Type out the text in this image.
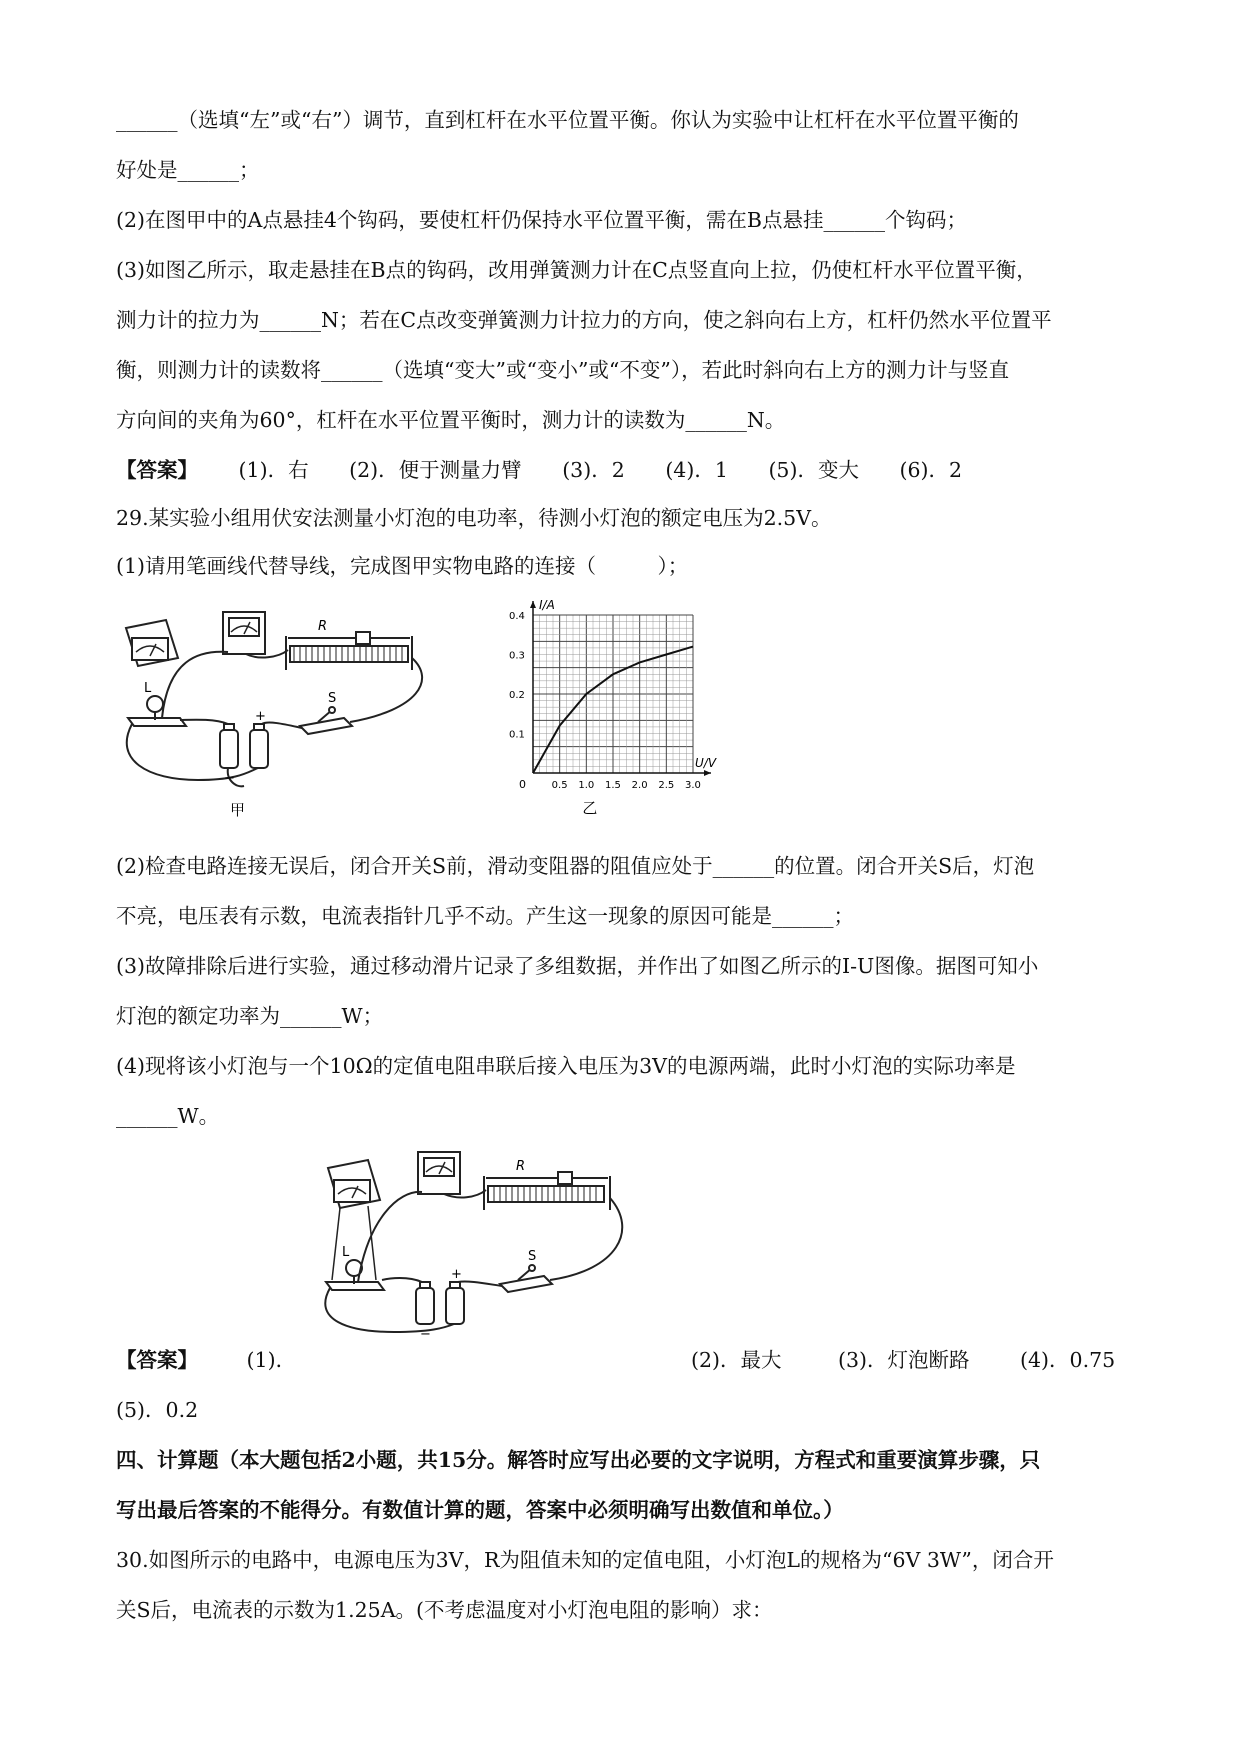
______（选填“左”或“右”）调节，直到杠杆在水平位置平衡。你认为实验中让杠杆在水平位置平衡的
好处是______；
(2)在图甲中的A点悬挂4个钩码，要使杠杆仍保持水平位置平衡，需在B点悬挂______个钩码；
(3)如图乙所示，取走悬挂在B点的钩码，改用弹簧测力计在C点竖直向上拉，仍使杠杆水平位置平衡，
测力计的拉力为______N；若在C点改变弹簧测力计拉力的方向，使之斜向右上方，杠杆仍然水平位置平
衡，则测力计的读数将______（选填“变大”或“变小”或“不变”），若此时斜向右上方的测力计与竖直
方向间的夹角为60°，杠杆在水平位置平衡时，测力计的读数为______N。
【答案】 (1)．右 (2)．便于测量力臂 (3)．2 (4)．1 (5)．变大 (6)．2
29.某实验小组用伏安法测量小灯泡的电功率，待测小灯泡的额定电压为2.5V。
(1)请用笔画线代替导线，完成图甲实物电路的连接（　　　）；
R
L
S
+
−
甲
0.1
0.2
0.3
0.4
0.5 1.0 1.5 2.0 2.5 3.0
0
I/A
U/V
乙
(2)检查电路连接无误后，闭合开关S前，滑动变阻器的阻值应处于______的位置。闭合开关S后，灯泡
不亮，电压表有示数，电流表指针几乎不动。产生这一现象的原因可能是______；
(3)故障排除后进行实验，通过移动滑片记录了多组数据，并作出了如图乙所示的I-U图像。据图可知小
灯泡的额定功率为______W；
(4)现将该小灯泡与一个10Ω的定值电阻串联后接入电压为3V的电源两端，此时小灯泡的实际功率是
______W。
R
L	S
+
−
【答案】 (1)．	(2)．最大	(3)．灯泡断路 (4)．0.75
(5)．0.2
四、计算题（本大题包括2小题，共15分。解答时应写出必要的文字说明，方程式和重要演算步骤，只
写出最后答案的不能得分。有数值计算的题，答案中必须明确写出数值和单位。）
30.如图所示的电路中，电源电压为3V，R为阻值未知的定值电阻，小灯泡L的规格为“6V 3W”，闭合开
关S后，电流表的示数为1.25A。(不考虑温度对小灯泡电阻的影响）求：
